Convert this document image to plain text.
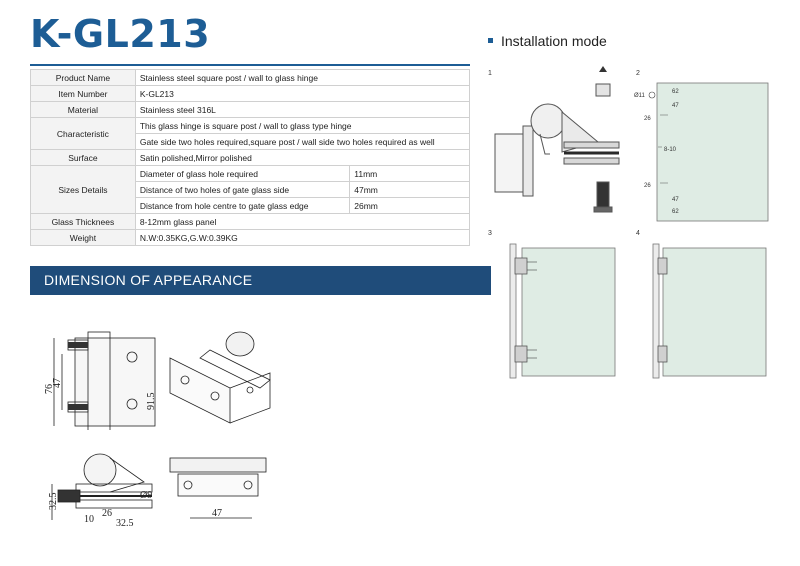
K-GL213
Product Name	Stainless steel square post / wall to glass hinge	
Item Number	K-GL213	
Material	Stainless steel 316L	
Characteristic	This glass hinge is square post / wall to glass type hinge	
	Gate side two holes required,square post / wall side two holes required as well	
Surface	Satin polished,Mirror polished	
Sizes Details	Diameter of glass hole required	11mm
	Distance of two holes of gate glass side	47mm
	Distance from hole centre to gate glass edge	26mm
Glass Thicknees	8-12mm glass panel	
Weight	N.W:0.35KG,G.W:0.39KG	
DIMENSION OF APPEARANCE
Installation mode
1	2
Ø11
62
47
26
8-10
26
47
62
3	4
76
47
91.5
32.5
26
10 32.5
Ø9
47
